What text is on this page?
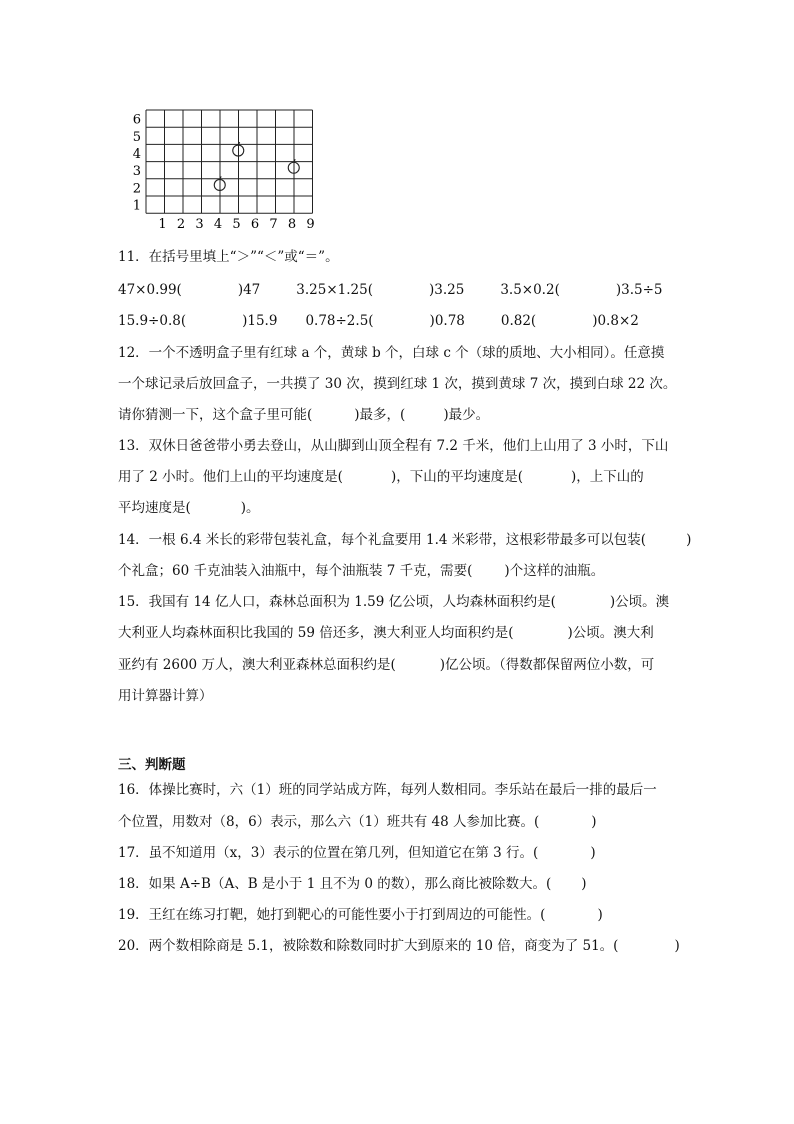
6
5
4
3
2
1
1 2 3 4 5 6 7 8 9
11．在括号里填上“＞”“＜”或“＝”。
47×0.99(	)47	3.25×1.25(	)3.25	3.5×0.2(	)3.5÷5
15.9÷0.8(	)15.9 0.78÷2.5(	)0.78	0.82(	)0.8×2
12．一个不透明盒子里有红球 a 个，黄球 b 个，白球 c 个（球的质地、大小相同）。任意摸
一个球记录后放回盒子，一共摸了 30 次，摸到红球 1 次，摸到黄球 7 次，摸到白球 22 次。
请你猜测一下，这个盒子里可能(	)最多，(	)最少。
13．双休日爸爸带小勇去登山，从山脚到山顶全程有 7.2 千米，他们上山用了 3 小时，下山
用了 2 小时。他们上山的平均速度是(	)，下山的平均速度是(	)，上下山的
平均速度是(	)。
14．一根 6.4 米长的彩带包装礼盒，每个礼盒要用 1.4 米彩带，这根彩带最多可以包装(	)
个礼盒；60 千克油装入油瓶中，每个油瓶装 7 千克，需要( )个这样的油瓶。
15．我国有 14 亿人口，森林总面积为 1.59 亿公顷，人均森林面积约是(	)公顷。澳
大利亚人均森林面积比我国的 59 倍还多，澳大利亚人均面积约是(	)公顷。澳大利
亚约有 2600 万人，澳大利亚森林总面积约是(	)亿公顷。（得数都保留两位小数，可
用计算器计算）
三、判断题
16．体操比赛时，六（1）班的同学站成方阵，每列人数相同。李乐站在最后一排的最后一
个位置，用数对（8，6）表示，那么六（1）班共有 48 人参加比赛。(	)
17．虽不知道用（x，3）表示的位置在第几列，但知道它在第 3 行。(	)
18．如果 A÷B（A、B 是小于 1 且不为 0 的数），那么商比被除数大。( )
19．王红在练习打靶，她打到靶心的可能性要小于打到周边的可能性。(	)
20．两个数相除商是 5.1，被除数和除数同时扩大到原来的 10 倍，商变为了 51。(	)
